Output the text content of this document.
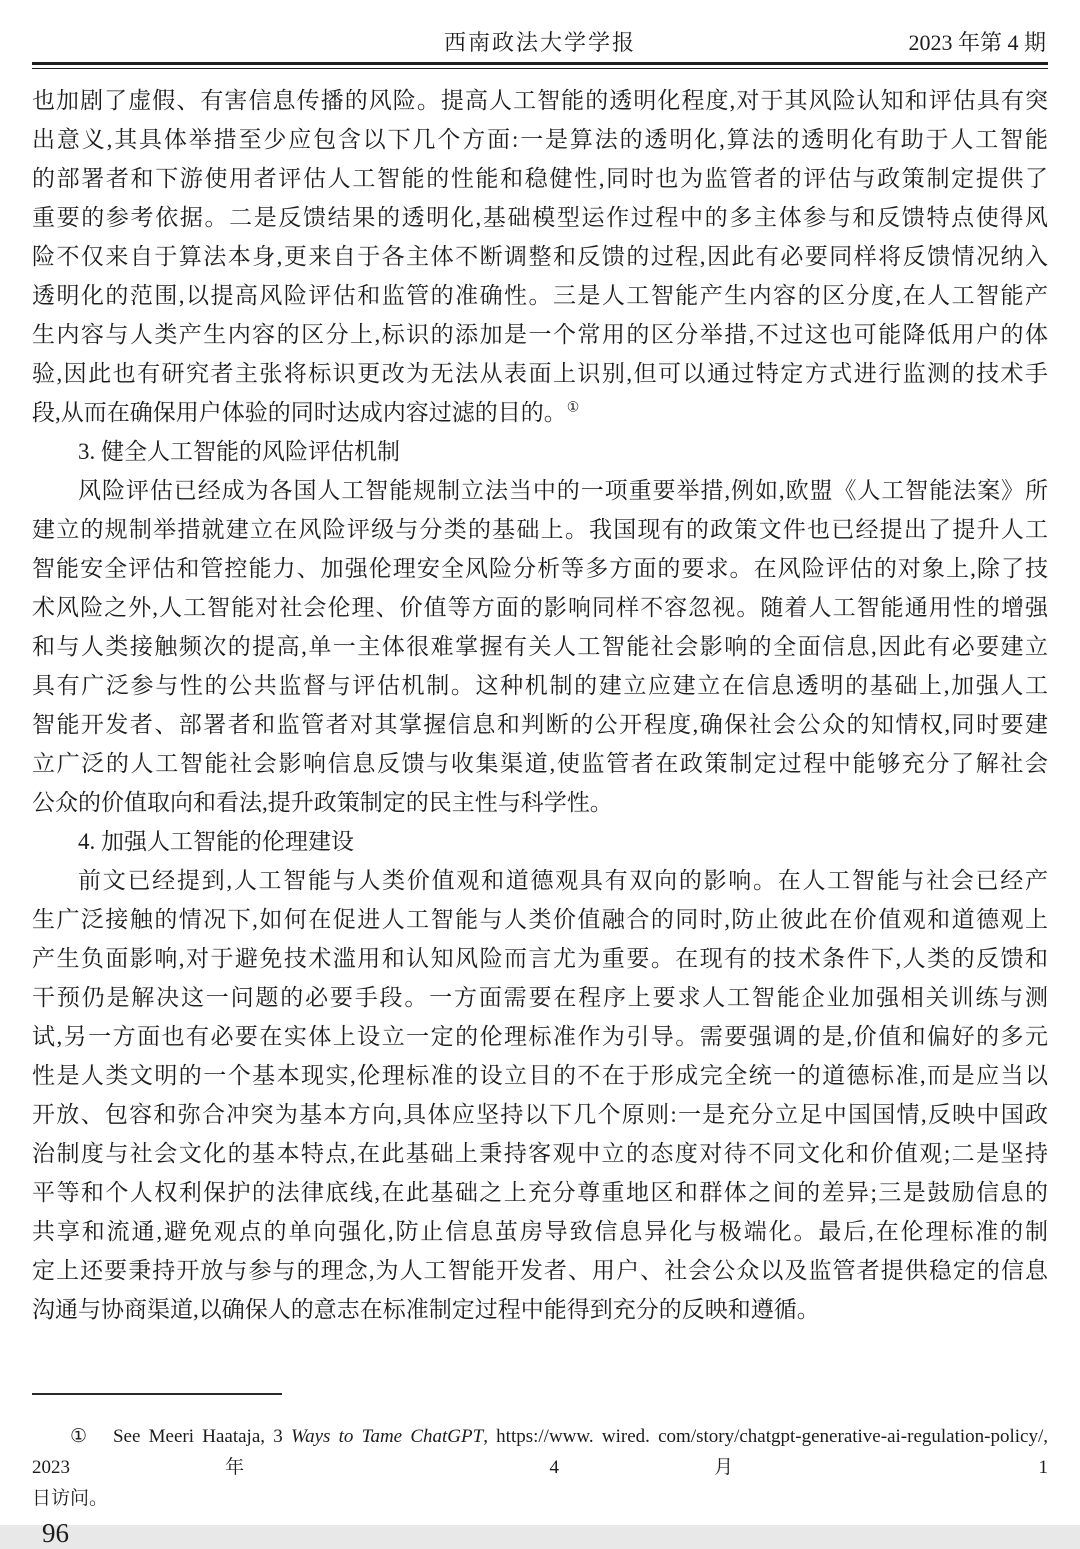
西南政法大学学报	2023 年第 4 期
也加剧了虚假、有害信息传播的风险。提高人工智能的透明化程度,对于其风险认知和评估具有突
出意义,其具体举措至少应包含以下几个方面:一是算法的透明化,算法的透明化有助于人工智能
的部署者和下游使用者评估人工智能的性能和稳健性,同时也为监管者的评估与政策制定提供了
重要的参考依据。二是反馈结果的透明化,基础模型运作过程中的多主体参与和反馈特点使得风
险不仅来自于算法本身,更来自于各主体不断调整和反馈的过程,因此有必要同样将反馈情况纳入
透明化的范围,以提高风险评估和监管的准确性。三是人工智能产生内容的区分度,在人工智能产
生内容与人类产生内容的区分上,标识的添加是一个常用的区分举措,不过这也可能降低用户的体
验,因此也有研究者主张将标识更改为无法从表面上识别,但可以通过特定方式进行监测的技术手
段,从而在确保用户体验的同时达成内容过滤的目的。①
3. 健全人工智能的风险评估机制
风险评估已经成为各国人工智能规制立法当中的一项重要举措,例如,欧盟《人工智能法案》所
建立的规制举措就建立在风险评级与分类的基础上。我国现有的政策文件也已经提出了提升人工
智能安全评估和管控能力、加强伦理安全风险分析等多方面的要求。在风险评估的对象上,除了技
术风险之外,人工智能对社会伦理、价值等方面的影响同样不容忽视。随着人工智能通用性的增强
和与人类接触频次的提高,单一主体很难掌握有关人工智能社会影响的全面信息,因此有必要建立
具有广泛参与性的公共监督与评估机制。这种机制的建立应建立在信息透明的基础上,加强人工
智能开发者、部署者和监管者对其掌握信息和判断的公开程度,确保社会公众的知情权,同时要建
立广泛的人工智能社会影响信息反馈与收集渠道,使监管者在政策制定过程中能够充分了解社会
公众的价值取向和看法,提升政策制定的民主性与科学性。
4. 加强人工智能的伦理建设
前文已经提到,人工智能与人类价值观和道德观具有双向的影响。在人工智能与社会已经产
生广泛接触的情况下,如何在促进人工智能与人类价值融合的同时,防止彼此在价值观和道德观上
产生负面影响,对于避免技术滥用和认知风险而言尤为重要。在现有的技术条件下,人类的反馈和
干预仍是解决这一问题的必要手段。一方面需要在程序上要求人工智能企业加强相关训练与测
试,另一方面也有必要在实体上设立一定的伦理标准作为引导。需要强调的是,价值和偏好的多元
性是人类文明的一个基本现实,伦理标准的设立目的不在于形成完全统一的道德标准,而是应当以
开放、包容和弥合冲突为基本方向,具体应坚持以下几个原则:一是充分立足中国国情,反映中国政
治制度与社会文化的基本特点,在此基础上秉持客观中立的态度对待不同文化和价值观;二是坚持
平等和个人权利保护的法律底线,在此基础之上充分尊重地区和群体之间的差异;三是鼓励信息的
共享和流通,避免观点的单向强化,防止信息茧房导致信息异化与极端化。最后,在伦理标准的制
定上还要秉持开放与参与的理念,为人工智能开发者、用户、社会公众以及监管者提供稳定的信息
沟通与协商渠道,以确保人的意志在标准制定过程中能得到充分的反映和遵循。
①　See Meeri Haataja, 3 Ways to Tame ChatGPT, https://www. wired. com/story/chatgpt-generative-ai-regulation-policy/, 2023 年 4 月 1
日访问。
96
